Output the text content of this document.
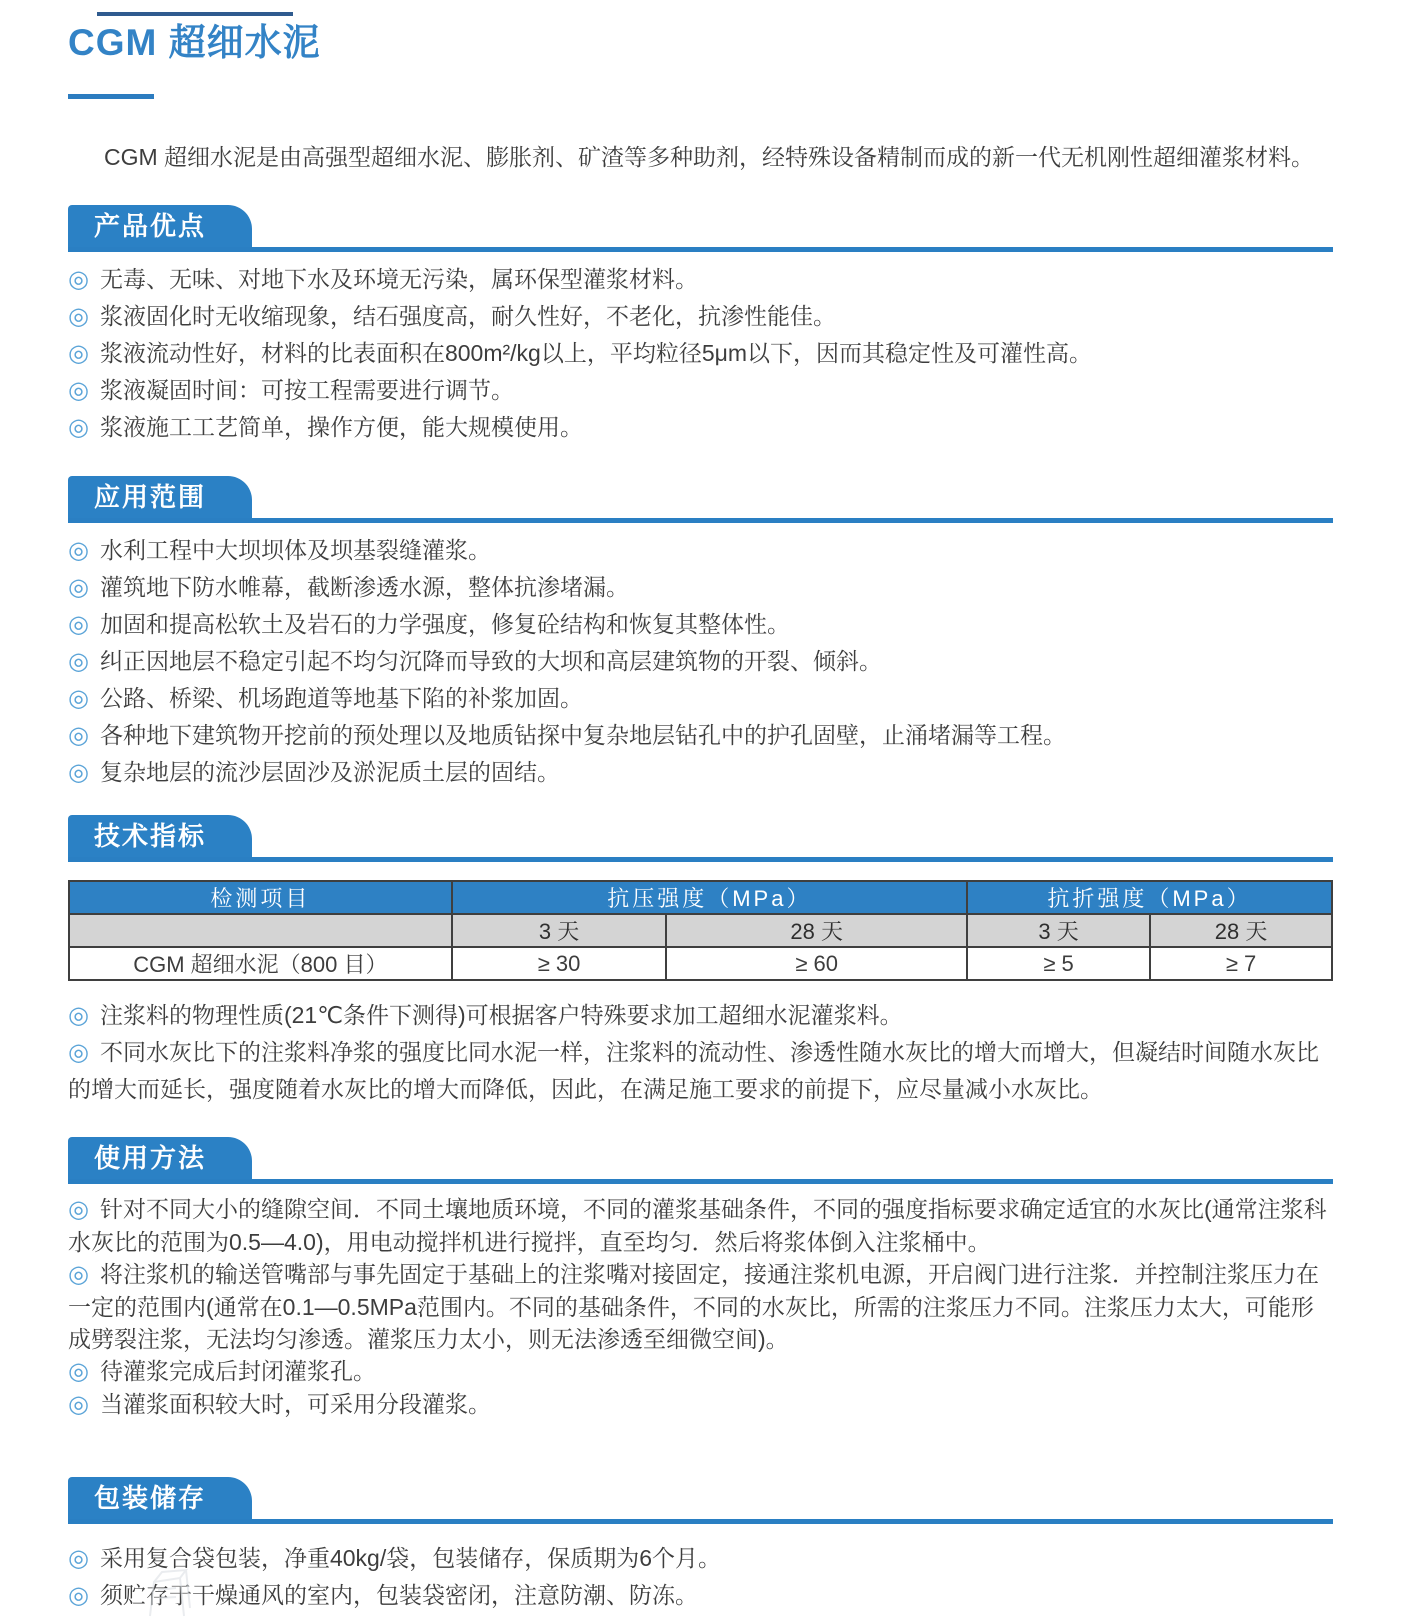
CGM 超细水泥

CGM 超细水泥是由高强型超细水泥、膨胀剂、矿渣等多种助剂，经特殊设备精制而成的新一代无机刚性超细灌浆材料。

产品优点

◎ 无毒、无味、对地下水及环境无污染，属环保型灌浆材料。

◎ 浆液固化时无收缩现象，结石强度高，耐久性好，不老化，抗渗性能佳。

◎ 浆液流动性好，材料的比表面积在800m²/kg以上，平均粒径5μm以下，因而其稳定性及可灌性高。

◎ 浆液凝固时间：可按工程需要进行调节。

◎ 浆液施工工艺简单，操作方便，能大规模使用。

应用范围

◎ 水利工程中大坝坝体及坝基裂缝灌浆。

◎ 灌筑地下防水帷幕，截断渗透水源，整体抗渗堵漏。

◎ 加固和提高松软土及岩石的力学强度，修复砼结构和恢复其整体性。

◎ 纠正因地层不稳定引起不均匀沉降而导致的大坝和高层建筑物的开裂、倾斜。

◎ 公路、桥梁、机场跑道等地基下陷的补浆加固。

◎ 各种地下建筑物开挖前的预处理以及地质钻探中复杂地层钻孔中的护孔固壁，止涌堵漏等工程。

◎ 复杂地层的流沙层固沙及淤泥质土层的固结。

技术指标
检测项目	抗压强度（MPa）		抗折强度（MPa）	
	3 天	28 天	3 天	28 天
CGM 超细水泥（800 目）	≥ 30	≥ 60	≥ 5	≥ 7

◎ 注浆料的物理性质(21℃条件下测得)可根据客户特殊要求加工超细水泥灌浆料。

◎ 不同水灰比下的注浆料净浆的强度比同水泥一样，注浆料的流动性、渗透性随水灰比的增大而增大，但凝结时间随水灰比的增大而延长，强度随着水灰比的增大而降低，因此，在满足施工要求的前提下，应尽量减小水灰比。

使用方法

◎ 针对不同大小的缝隙空间．不同土壤地质环境，不同的灌浆基础条件，不同的强度指标要求确定适宜的水灰比(通常注浆科水灰比的范围为0.5—4.0)，用电动搅拌机进行搅拌，直至均匀．然后将浆体倒入注浆桶中。

◎ 将注浆机的输送管嘴部与事先固定于基础上的注浆嘴对接固定，接通注浆机电源，开启阀门进行注浆．并控制注浆压力在一定的范围内(通常在0.1—0.5MPa范围内。不同的基础条件，不同的水灰比，所需的注浆压力不同。注浆压力太大，可能形成劈裂注浆，无法均匀渗透。灌浆压力太小，则无法渗透至细微空间)。

◎ 待灌浆完成后封闭灌浆孔。

◎ 当灌浆面积较大时，可采用分段灌浆。

包装储存

◎ 采用复合袋包装，净重40kg/袋，包装储存，保质期为6个月。

◎ 须贮存于干燥通风的室内，包装袋密闭，注意防潮、防冻。
